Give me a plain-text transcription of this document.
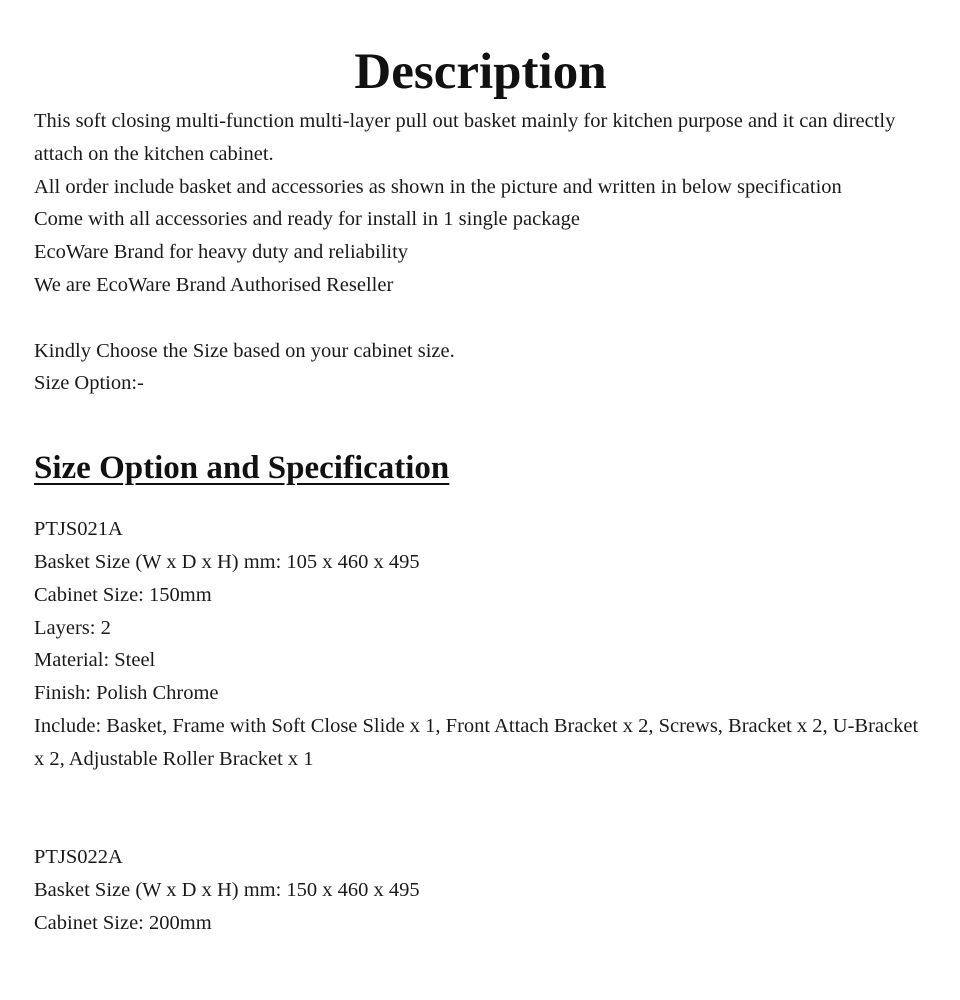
Description
This soft closing multi-function multi-layer pull out basket mainly for kitchen purpose and it can directly attach on the kitchen cabinet.
All order include basket and accessories as shown in the picture and written in below specification
Come with all accessories and ready for install in 1 single package
EcoWare Brand for heavy duty and reliability
We are EcoWare Brand Authorised Reseller
Kindly Choose the Size based on your cabinet size.
Size Option:-
Size Option and Specification
PTJS021A
Basket Size (W x D x H) mm: 105 x 460 x 495
Cabinet Size: 150mm
Layers: 2
Material: Steel
Finish: Polish Chrome
Include: Basket, Frame with Soft Close Slide x 1, Front Attach Bracket x 2, Screws, Bracket x 2, U-Bracket x 2, Adjustable Roller Bracket x 1
PTJS022A
Basket Size (W x D x H) mm: 150 x 460 x 495
Cabinet Size: 200mm
